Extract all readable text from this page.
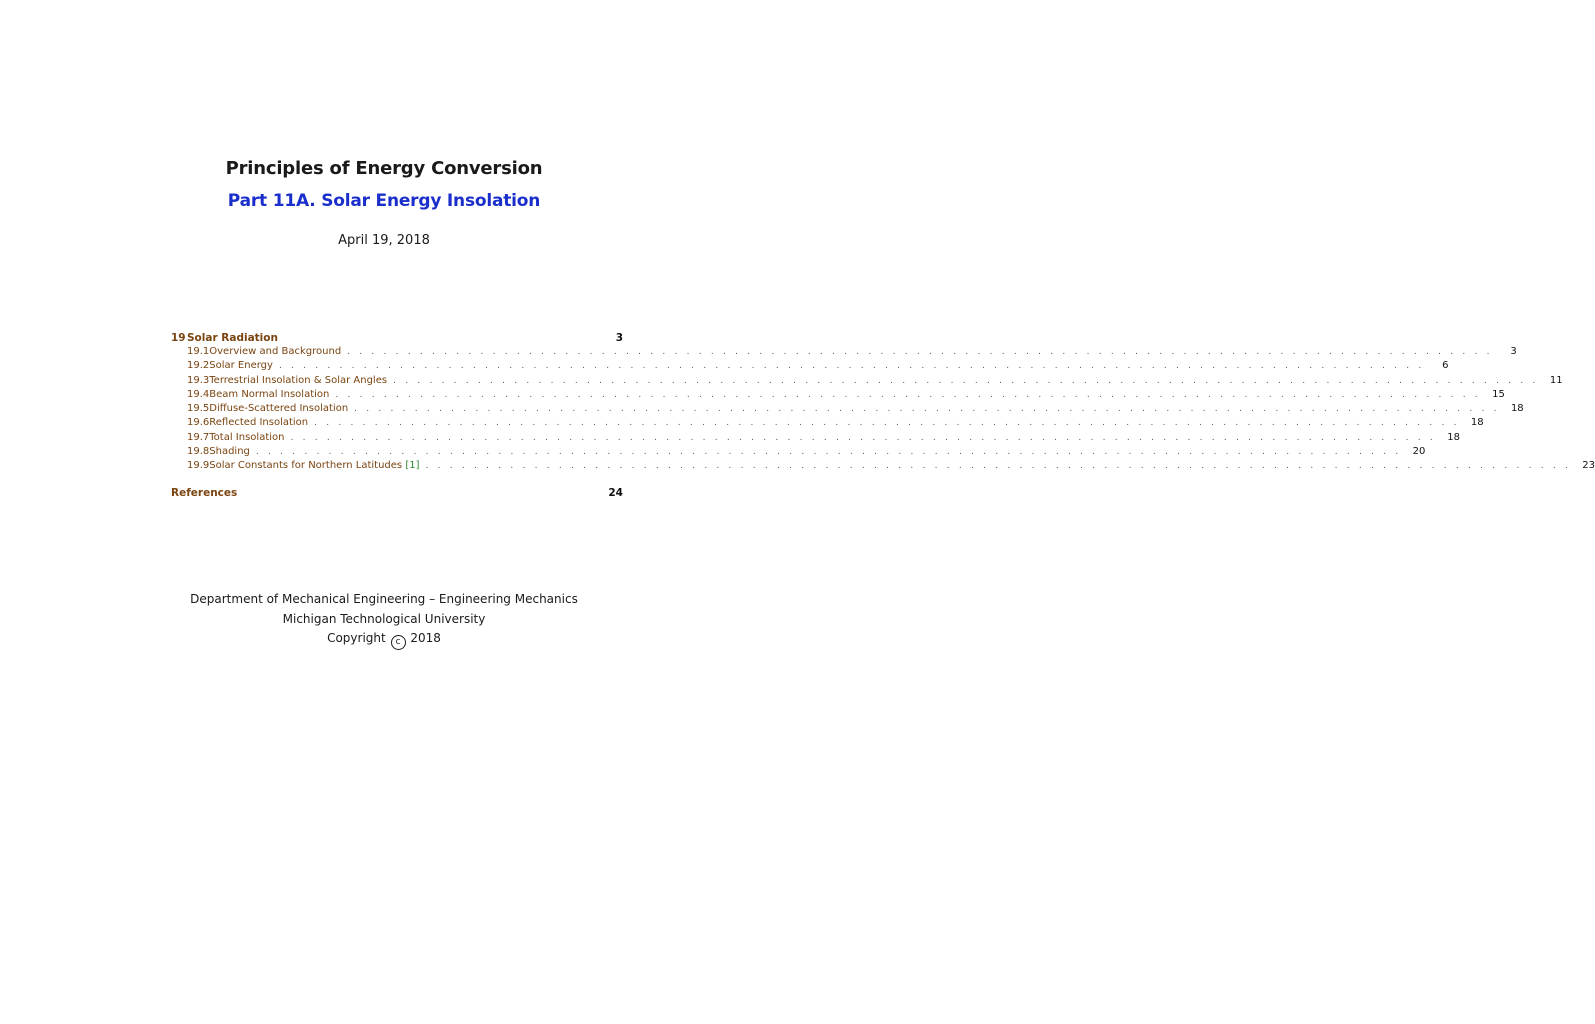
Principles of Energy Conversion
Part 11A. Solar Energy Insolation

April 19, 2018

19 Solar Radiation	3
19.1 Overview and Background . . .	3
19.2 Solar Energy . . .	6
19.3 Terrestrial Insolation & Solar Angles . . .	11
19.4 Beam Normal Insolation . . .	15
19.5 Diffuse-Scattered Insolation . . .	18
19.6 Reflected Insolation . . .	18
19.7 Total Insolation . . .	18
19.8 Shading . . .	20
19.9 Solar Constants for Northern Latitudes [1] . . .	23
References	24
Department of Mechanical Engineering – Engineering Mechanics
Michigan Technological University
Copyright c 2018
